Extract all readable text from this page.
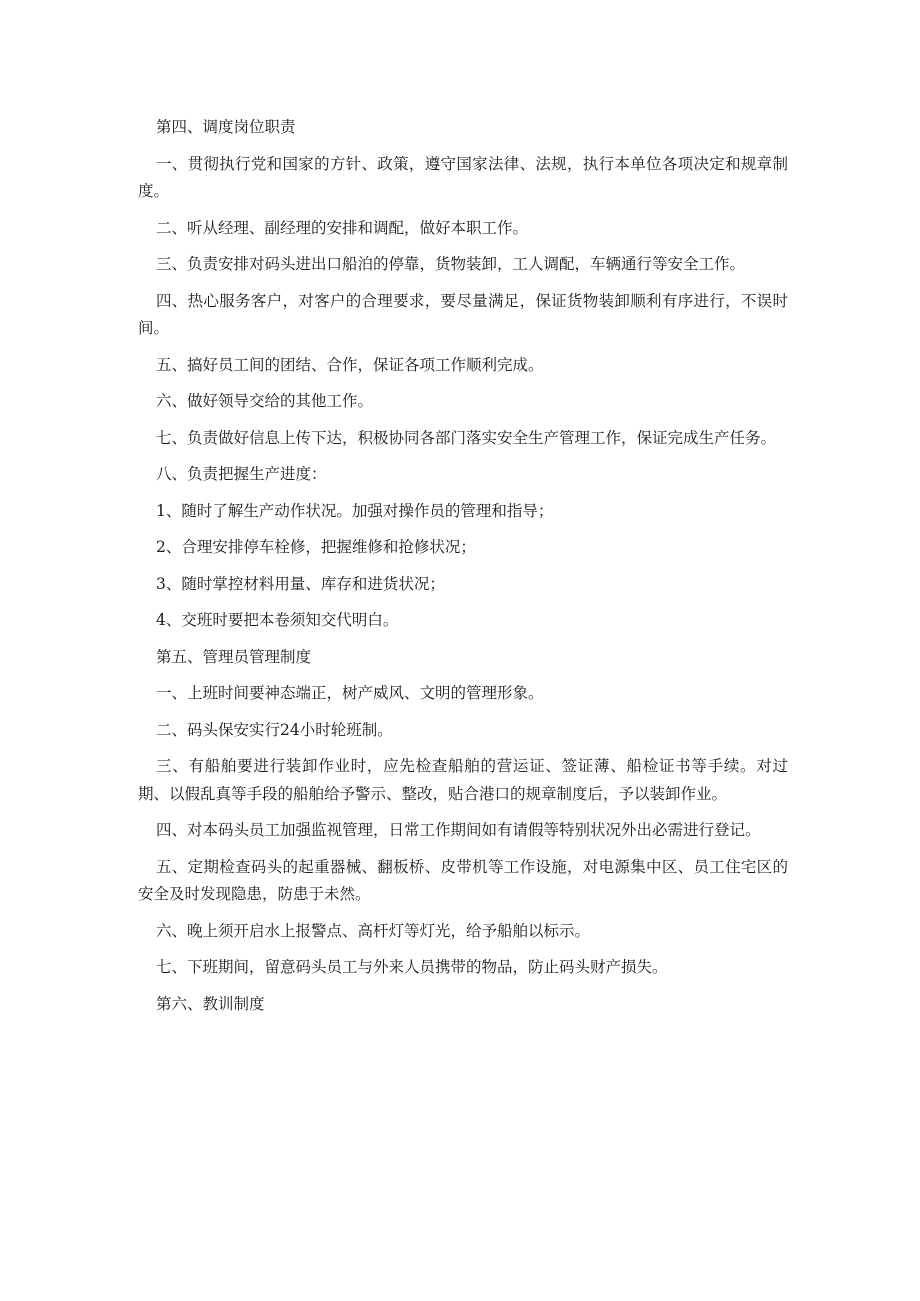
第四、调度岗位职责

一、贯彻执行党和国家的方针、政策，遵守国家法律、法规，执行本单位各项决定和规章制度。

二、听从经理、副经理的安排和调配，做好本职工作。

三、负责安排对码头进出口船泊的停靠，货物装卸，工人调配，车辆通行等安全工作。

四、热心服务客户，对客户的合理要求，要尽量满足，保证货物装卸顺利有序进行，不误时间。

五、搞好员工间的团结、合作，保证各项工作顺利完成。

六、做好领导交给的其他工作。

七、负责做好信息上传下达，积极协同各部门落实安全生产管理工作，保证完成生产任务。

八、负责把握生产进度：

1、随时了解生产动作状况。加强对操作员的管理和指导；

2、合理安排停车栓修，把握维修和抢修状况；

3、随时掌控材料用量、库存和进货状况；

4、交班时要把本卷须知交代明白。

第五、管理员管理制度

一、上班时间要神态端正，树产威风、文明的管理形象。

二、码头保安实行24小时轮班制。

三、有船舶要进行装卸作业时，应先检查船舶的营运证、签证薄、船检证书等手续。对过期、以假乱真等手段的船舶给予警示、整改，贴合港口的规章制度后，予以装卸作业。

四、对本码头员工加强监视管理，日常工作期间如有请假等特别状况外出必需进行登记。

五、定期检查码头的起重器械、翻板桥、皮带机等工作设施，对电源集中区、员工住宅区的安全及时发现隐患，防患于未然。

六、晚上须开启水上报警点、高杆灯等灯光，给予船舶以标示。

七、下班期间，留意码头员工与外来人员携带的物品，防止码头财产损失。

第六、教训制度
